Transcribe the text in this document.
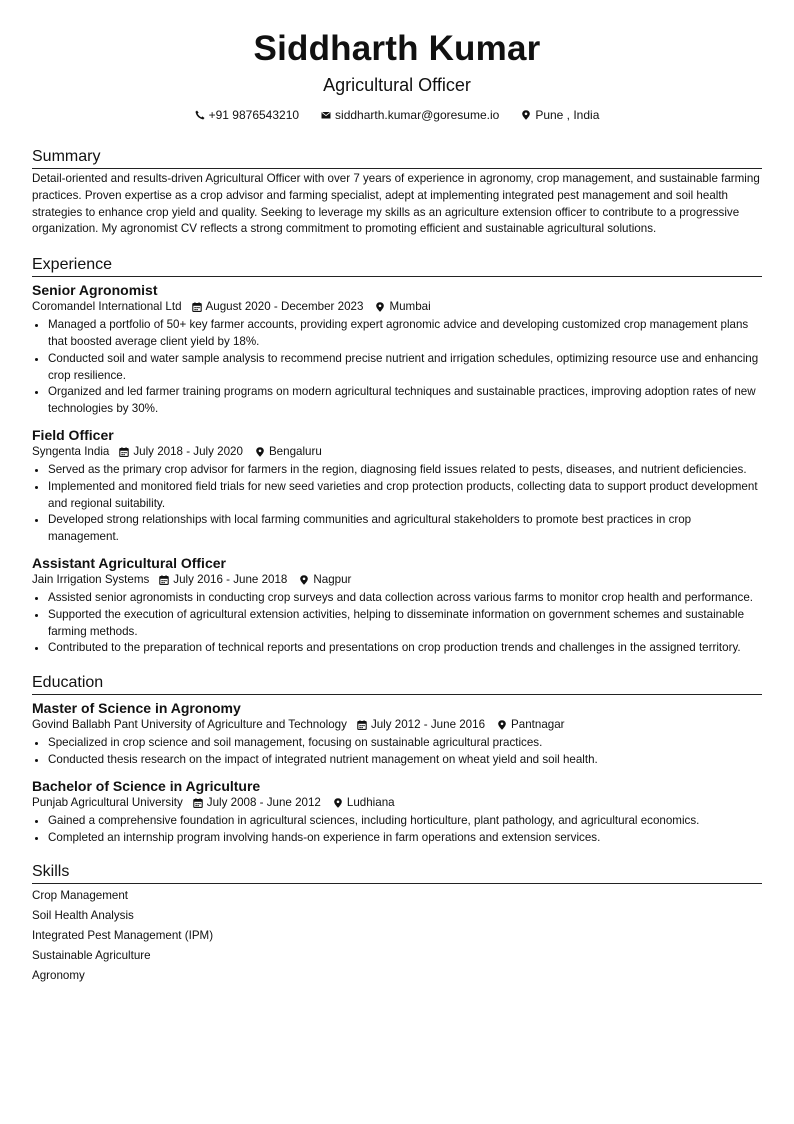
Siddharth Kumar
Agricultural Officer
+91 9876543210	siddharth.kumar@goresume.io	Pune , India
Summary

Detail-oriented and results-driven Agricultural Officer with over 7 years of experience in agronomy, crop management, and sustainable farming practices. Proven expertise as a crop advisor and farming specialist, adept at implementing integrated pest management and soil health strategies to enhance crop yield and quality. Seeking to leverage my skills as an agriculture extension officer to contribute to a progressive organization. My agronomist CV reflects a strong commitment to promoting efficient and sustainable agricultural solutions.

Experience
Senior Agronomist
Coromandel International Ltd August 2020 - December 2023 Mumbai
• Managed a portfolio of 50+ key farmer accounts, providing expert agronomic advice and developing customized crop management plans that boosted average client yield by 18%.
• Conducted soil and water sample analysis to recommend precise nutrient and irrigation schedules, optimizing resource use and enhancing crop resilience.
• Organized and led farmer training programs on modern agricultural techniques and sustainable practices, improving adoption rates of new technologies by 30%.
Field Officer
Syngenta India July 2018 - July 2020 Bengaluru
• Served as the primary crop advisor for farmers in the region, diagnosing field issues related to pests, diseases, and nutrient deficiencies.
• Implemented and monitored field trials for new seed varieties and crop protection products, collecting data to support product development and regional suitability.
• Developed strong relationships with local farming communities and agricultural stakeholders to promote best practices in crop management.
Assistant Agricultural Officer
Jain Irrigation Systems July 2016 - June 2018 Nagpur
• Assisted senior agronomists in conducting crop surveys and data collection across various farms to monitor crop health and performance.
• Supported the execution of agricultural extension activities, helping to disseminate information on government schemes and sustainable farming methods.
• Contributed to the preparation of technical reports and presentations on crop production trends and challenges in the assigned territory.
Education
Master of Science in Agronomy
Govind Ballabh Pant University of Agriculture and Technology July 2012 - June 2016 Pantnagar
• Specialized in crop science and soil management, focusing on sustainable agricultural practices.
• Conducted thesis research on the impact of integrated nutrient management on wheat yield and soil health.
Bachelor of Science in Agriculture
Punjab Agricultural University July 2008 - June 2012 Ludhiana
• Gained a comprehensive foundation in agricultural sciences, including horticulture, plant pathology, and agricultural economics.
• Completed an internship program involving hands-on experience in farm operations and extension services.
Skills
Crop Management
Soil Health Analysis
Integrated Pest Management (IPM)
Sustainable Agriculture
Agronomy
